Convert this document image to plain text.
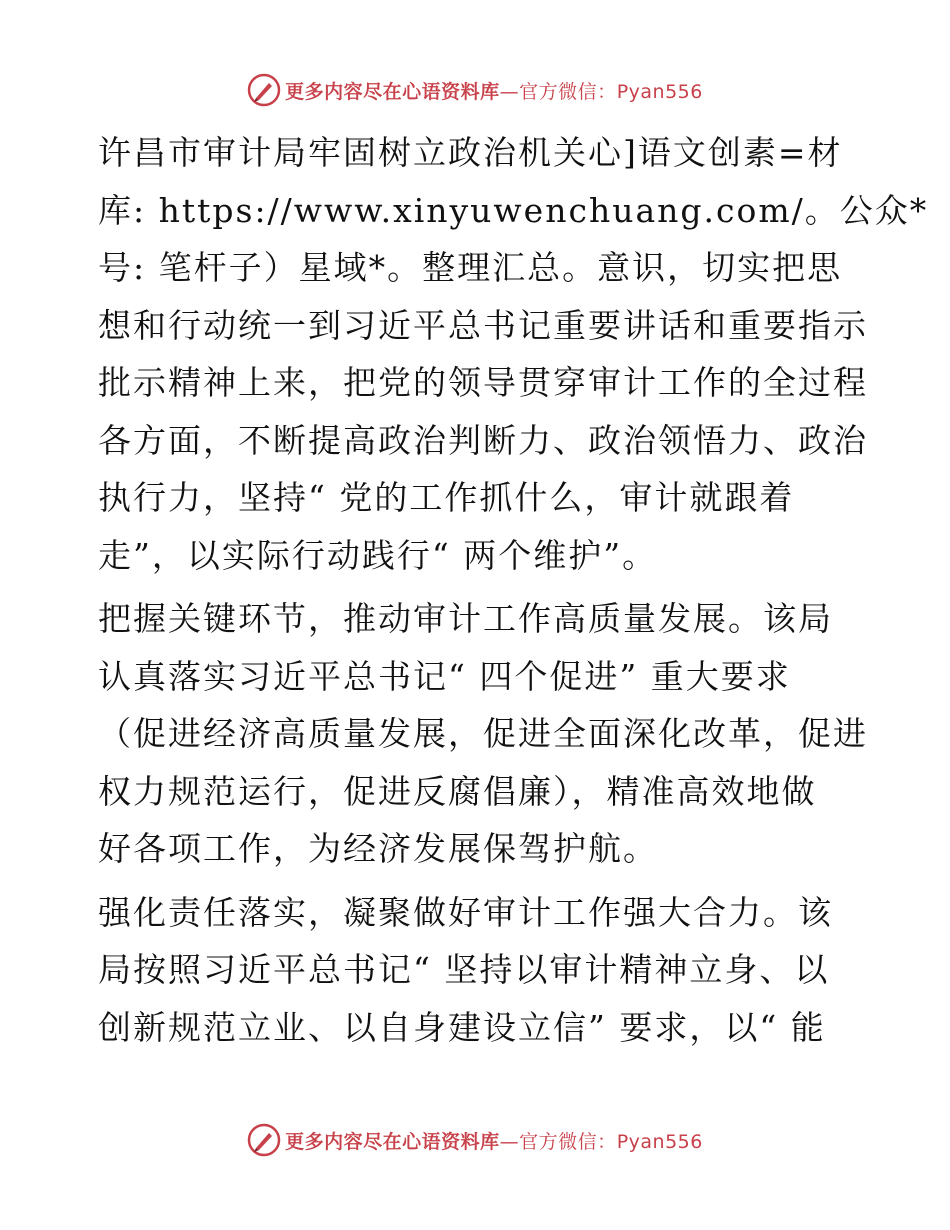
更多内容尽在心语资料库—官方微信：Pyan556

许昌市审计局牢固树立政治机关心]语文创素=材
库: https://www.xinyuwenchuang.com/。公众*
号: 笔杆子）星域*。整理汇总。意识，切实把思
想和行动统一到习近平总书记重要讲话和重要指示
批示精神上来，把党的领导贯穿审计工作的全过程
各方面，不断提高政治判断力、政治领悟力、政治
执行力，坚持“ 党的工作抓什么，审计就跟着
走”，以实际行动践行“ 两个维护”。

把握关键环节，推动审计工作高质量发展。该局
认真落实习近平总书记“ 四个促进” 重大要求
（促进经济高质量发展，促进全面深化改革，促进
权力规范运行，促进反腐倡廉），精准高效地做
好各项工作，为经济发展保驾护航。

强化责任落实，凝聚做好审计工作强大合力。该
局按照习近平总书记“ 坚持以审计精神立身、以
创新规范立业、以自身建设立信” 要求，以“ 能

更多内容尽在心语资料库—官方微信：Pyan556
